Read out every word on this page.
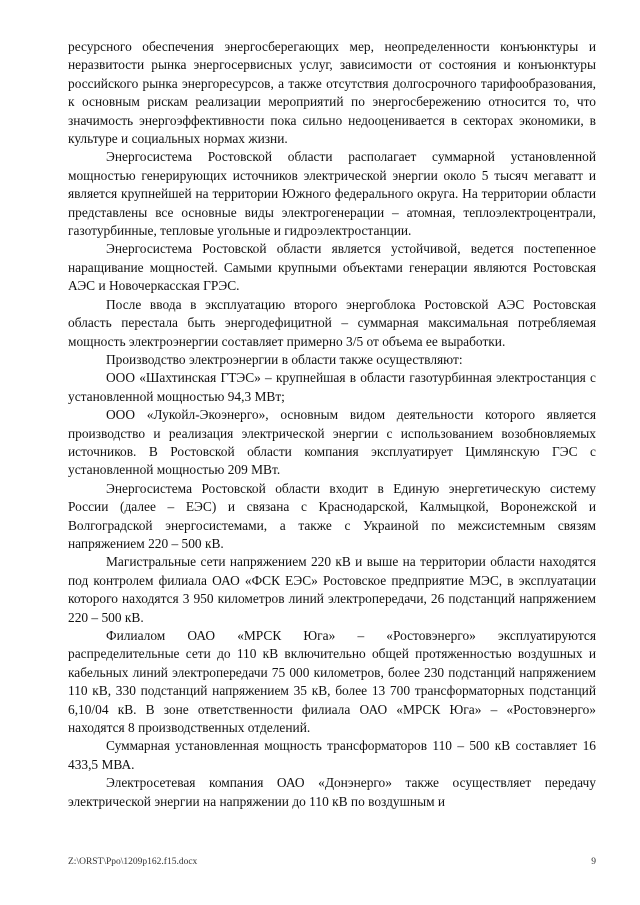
ресурсного обеспечения энергосберегающих мер, неопределенности конъюнктуры и неразвитости рынка энергосервисных услуг, зависимости от состояния и конъюнктуры российского рынка энергоресурсов, а также отсутствия долгосрочного тарифообразования, к основным рискам реализации мероприятий по энергосбережению относится то, что значимость энергоэффективности пока сильно недооценивается в секторах экономики, в культуре и социальных нормах жизни.

Энергосистема Ростовской области располагает суммарной установленной мощностью генерирующих источников электрической энергии около 5 тысяч мегаватт и является крупнейшей на территории Южного федерального округа. На территории области представлены все основные виды электрогенерации – атомная, теплоэлектроцентрали, газотурбинные, тепловые угольные и гидроэлектростанции.

Энергосистема Ростовской области является устойчивой, ведется постепенное наращивание мощностей. Самыми крупными объектами генерации являются Ростовская АЭС и Новочеркасская ГРЭС.

После ввода в эксплуатацию второго энергоблока Ростовской АЭС Ростовская область перестала быть энергодефицитной – суммарная максимальная потребляемая мощность электроэнергии составляет примерно 3/5 от объема ее выработки.

Производство электроэнергии в области также осуществляют:

ООО «Шахтинская ГТЭС» – крупнейшая в области газотурбинная электростанция с установленной мощностью 94,3 МВт;

ООО «Лукойл-Экоэнерго», основным видом деятельности которого является производство и реализация электрической энергии с использованием возобновляемых источников. В Ростовской области компания эксплуатирует Цимлянскую ГЭС с установленной мощностью 209 МВт.

Энергосистема Ростовской области входит в Единую энергетическую систему России (далее – ЕЭС) и связана с Краснодарской, Калмыцкой, Воронежской и Волгоградской энергосистемами, а также с Украиной по межсистемным связям напряжением 220 – 500 кВ.

Магистральные сети напряжением 220 кВ и выше на территории области находятся под контролем филиала ОАО «ФСК ЕЭС» Ростовское предприятие МЭС, в эксплуатации которого находятся 3 950 километров линий электропередачи, 26 подстанций напряжением 220 – 500 кВ.

Филиалом ОАО «МРСК Юга» – «Ростовэнерго» эксплуатируются распределительные сети до 110 кВ включительно общей протяженностью воздушных и кабельных линий электропередачи 75 000 километров, более 230 подстанций напряжением 110 кВ, 330 подстанций напряжением 35 кВ, более 13 700 трансформаторных подстанций 6,10/04 кВ. В зоне ответственности филиала ОАО «МРСК Юга» – «Ростовэнерго» находятся 8 производственных отделений.

Суммарная установленная мощность трансформаторов 110 – 500 кВ составляет 16 433,5 МВА.

Электросетевая компания ОАО «Донэнерго» также осуществляет передачу электрической энергии на напряжении до 110 кВ по воздушным и

Z:\ORST\Ppo\1209p162.f15.docx	9
